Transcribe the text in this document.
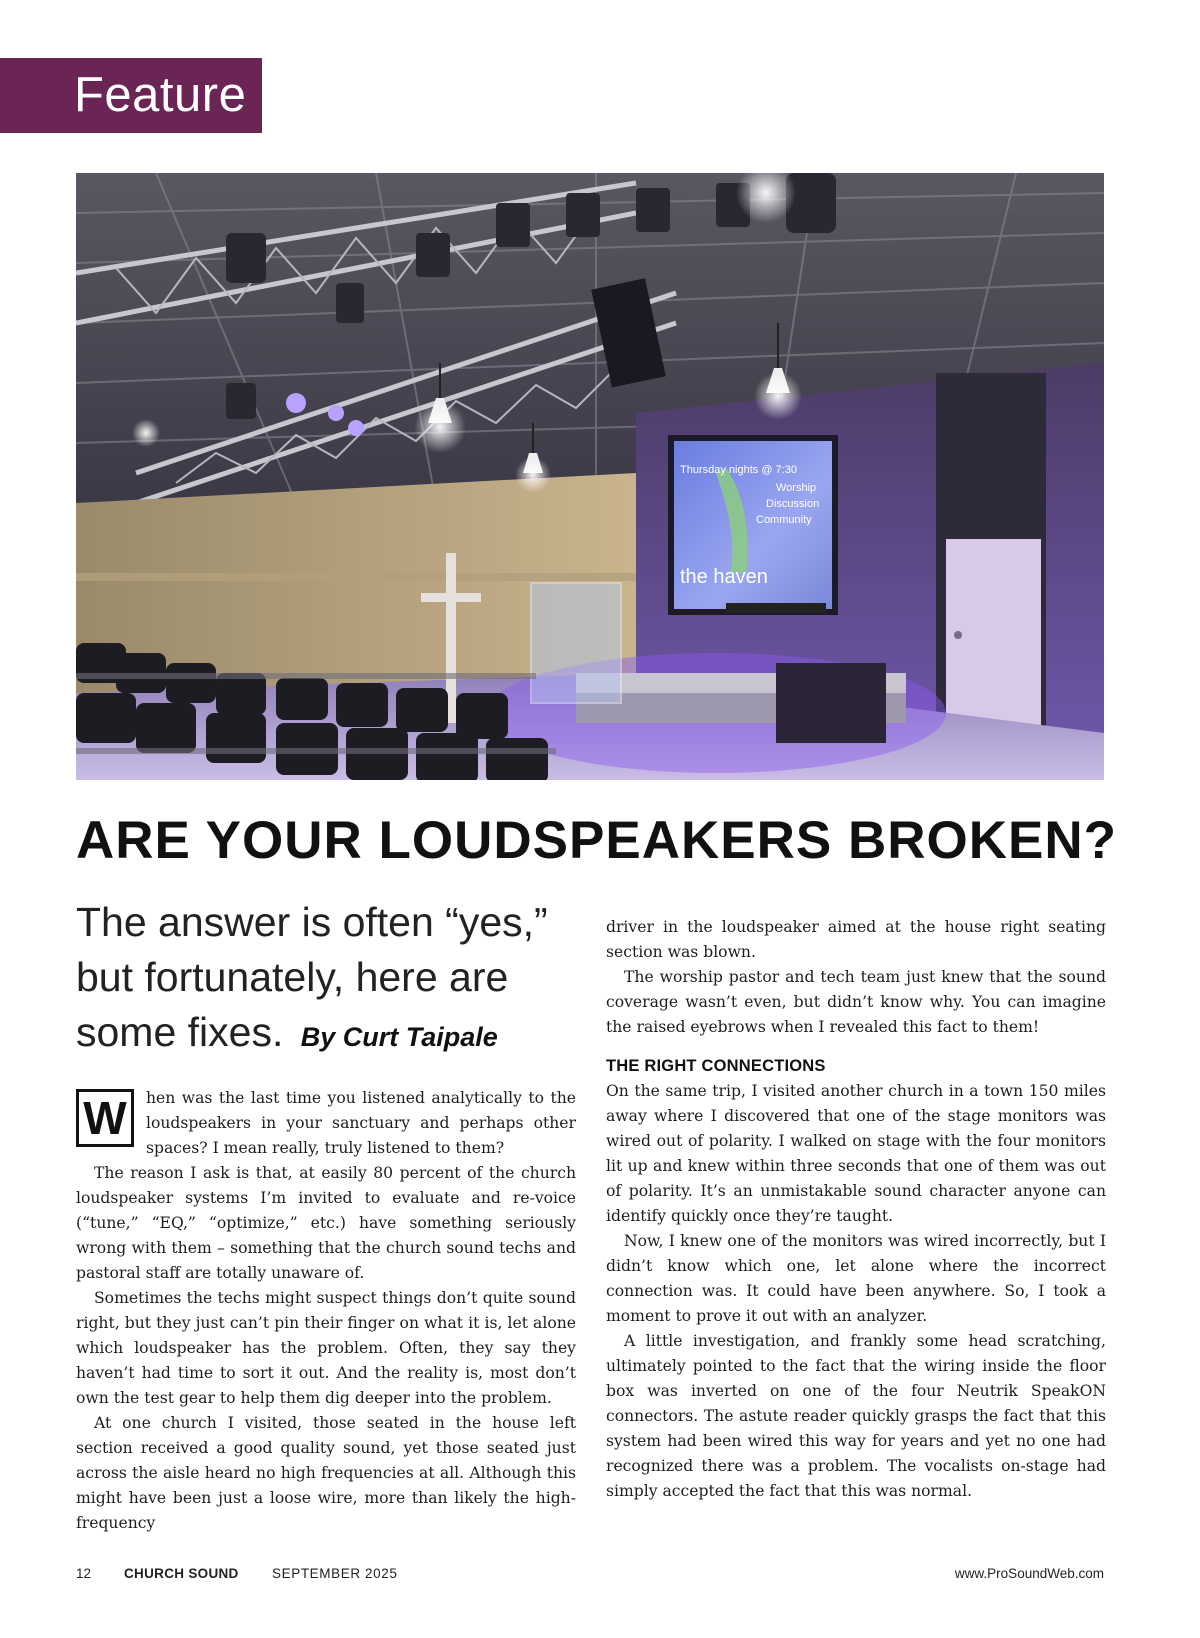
Feature
Thursday nights @ 7:30
Worship
Discussion
Community
the haven
ARE YOUR LOUDSPEAKERS BROKEN?
The answer is often “yes,” but fortunately, here are some fixes. By Curt Taipale

W	hen was the last time you listened analytically to the loudspeakers in your sanctuary and perhaps other spaces? I mean really, truly listened to them?

The reason I ask is that, at easily 80 percent of the church loudspeaker systems I’m invited to evaluate and re-voice (“tune,” “EQ,” “optimize,” etc.) have something seriously wrong with them – something that the church sound techs and pastoral staff are totally unaware of.

Sometimes the techs might suspect things don’t quite sound right, but they just can’t pin their finger on what it is, let alone which loudspeaker has the problem. Often, they say they haven’t had time to sort it out. And the reality is, most don’t own the test gear to help them dig deeper into the problem.

At one church I visited, those seated in the house left section received a good quality sound, yet those seated just across the aisle heard no high frequencies at all. Although this might have been just a loose wire, more than likely the high-frequency

driver in the loudspeaker aimed at the house right seating section was blown.

The worship pastor and tech team just knew that the sound coverage wasn’t even, but didn’t know why. You can imagine the raised eyebrows when I revealed this fact to them!

THE RIGHT CONNECTIONS

On the same trip, I visited another church in a town 150 miles away where I discovered that one of the stage monitors was wired out of polarity. I walked on stage with the four monitors lit up and knew within three seconds that one of them was out of polarity. It’s an unmistakable sound character anyone can identify quickly once they’re taught.

Now, I knew one of the monitors was wired incorrectly, but I didn’t know which one, let alone where the incorrect connection was. It could have been anywhere. So, I took a moment to prove it out with an analyzer.

A little investigation, and frankly some head scratching, ultimately pointed to the fact that the wiring inside the floor box was inverted on one of the four Neutrik SpeakON connectors. The astute reader quickly grasps the fact that this system had been wired this way for years and yet no one had recognized there was a problem. The vocalists on-stage had simply accepted the fact that this was normal.

12 CHURCH SOUND SEPTEMBER 2025	www.ProSoundWeb.com
